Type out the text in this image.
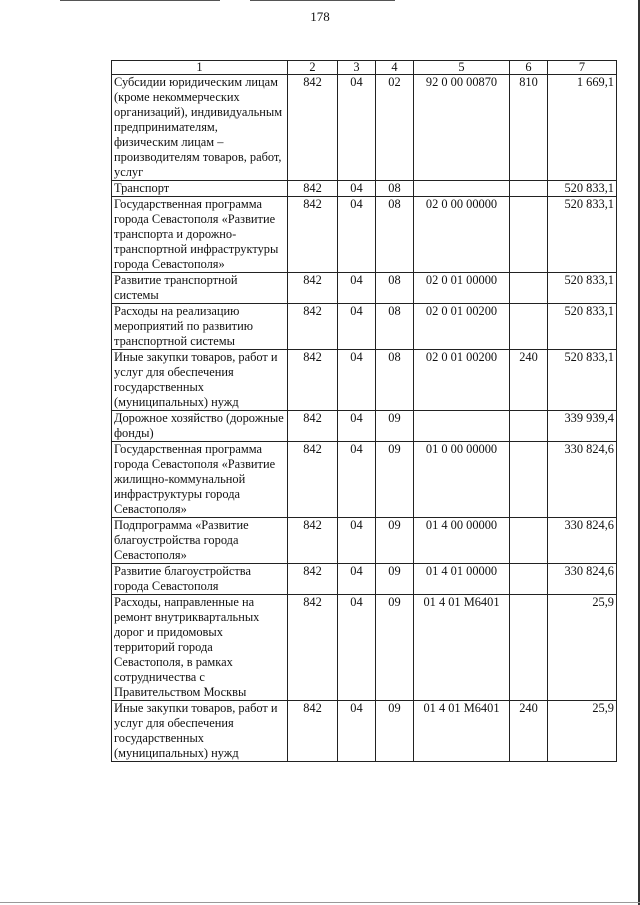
178
1	2	3	4	5	6	7
Субсидии юридическим лицам (кроме некоммерческих организаций), индивидуальным предпринимателям, физическим лицам – производителям товаров, работ, услуг	842	04	02	92 0 00 00870	810	1 669,1
Транспорт	842	04	08			520 833,1
Государственная программа города Севастополя «Развитие транспорта и дорожно-транспортной инфраструктуры города Севастополя»	842	04	08	02 0 00 00000		520 833,1
Развитие транспортной системы	842	04	08	02 0 01 00000		520 833,1
Расходы на реализацию мероприятий по развитию транспортной системы	842	04	08	02 0 01 00200		520 833,1
Иные закупки товаров, работ и услуг для обеспечения государственных (муниципальных) нужд	842	04	08	02 0 01 00200	240	520 833,1
Дорожное хозяйство (дорожные фонды)	842	04	09			339 939,4
Государственная программа города Севастополя «Развитие жилищно-коммунальной инфраструктуры города Севастополя»	842	04	09	01 0 00 00000		330 824,6
Подпрограмма «Развитие благоустройства города Севастополя»	842	04	09	01 4 00 00000		330 824,6
Развитие благоустройства города Севастополя	842	04	09	01 4 01 00000		330 824,6
Расходы, направленные на ремонт внутриквартальных дорог и придомовых территорий города Севастополя, в рамках сотрудничества с Правительством Москвы	842	04	09	01 4 01 М6401		25,9
Иные закупки товаров, работ и услуг для обеспечения государственных (муниципальных) нужд	842	04	09	01 4 01 М6401	240	25,9
